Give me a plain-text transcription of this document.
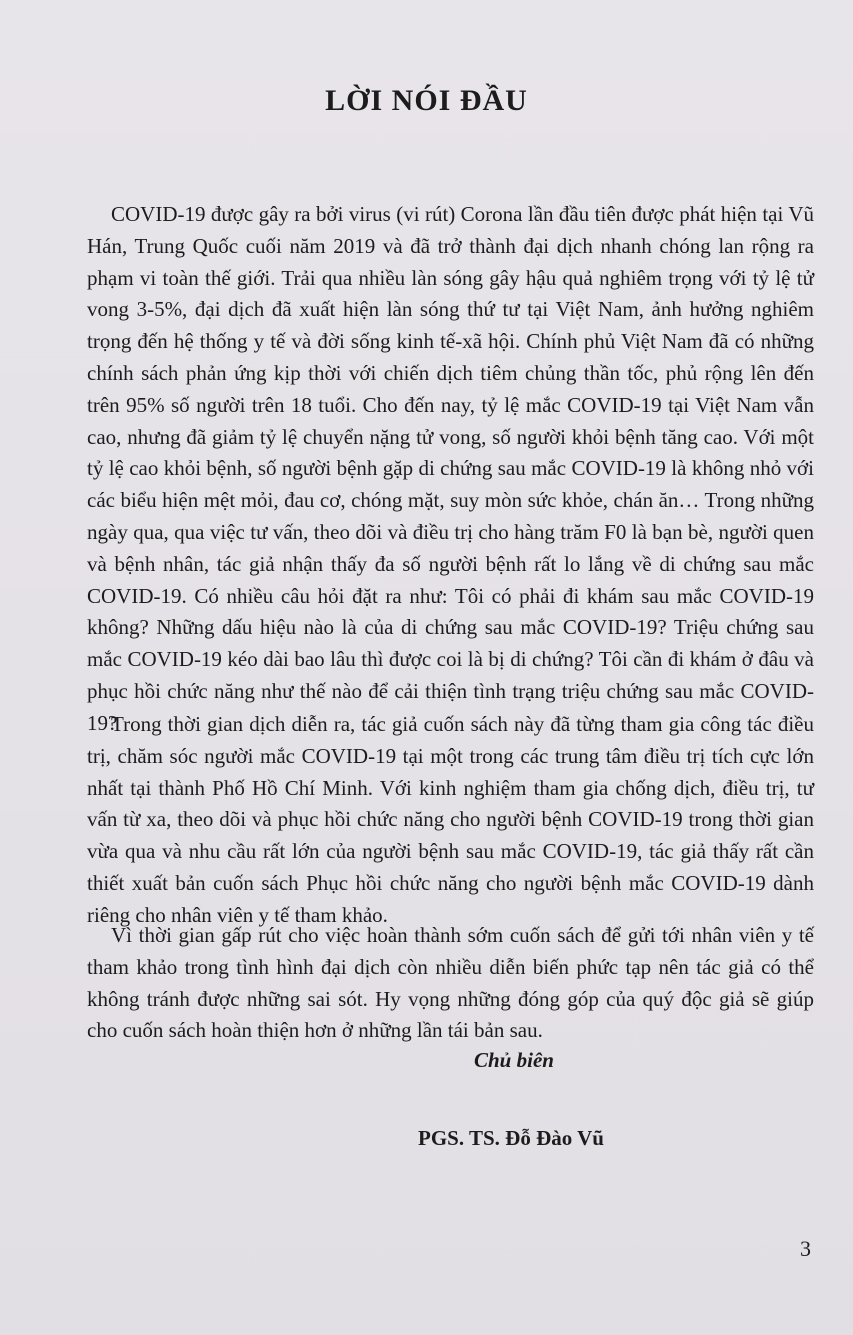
LỜI NÓI ĐẦU

COVID-19 được gây ra bởi virus (vi rút) Corona lần đầu tiên được phát hiện tại Vũ Hán, Trung Quốc cuối năm 2019 và đã trở thành đại dịch nhanh chóng lan rộng ra phạm vi toàn thế giới. Trải qua nhiều làn sóng gây hậu quả nghiêm trọng với tỷ lệ tử vong 3-5%, đại dịch đã xuất hiện làn sóng thứ tư tại Việt Nam, ảnh hưởng nghiêm trọng đến hệ thống y tế và đời sống kinh tế-xã hội. Chính phủ Việt Nam đã có những chính sách phản ứng kịp thời với chiến dịch tiêm chủng thần tốc, phủ rộng lên đến trên 95% số người trên 18 tuổi. Cho đến nay, tỷ lệ mắc COVID-19 tại Việt Nam vẫn cao, nhưng đã giảm tỷ lệ chuyển nặng tử vong, số người khỏi bệnh tăng cao. Với một tỷ lệ cao khỏi bệnh, số người bệnh gặp di chứng sau mắc COVID-19 là không nhỏ với các biểu hiện mệt mỏi, đau cơ, chóng mặt, suy mòn sức khỏe, chán ăn… Trong những ngày qua, qua việc tư vấn, theo dõi và điều trị cho hàng trăm F0 là bạn bè, người quen và bệnh nhân, tác giả nhận thấy đa số người bệnh rất lo lắng về di chứng sau mắc COVID-19. Có nhiều câu hỏi đặt ra như: Tôi có phải đi khám sau mắc COVID-19 không? Những dấu hiệu nào là của di chứng sau mắc COVID-19? Triệu chứng sau mắc COVID-19 kéo dài bao lâu thì được coi là bị di chứng? Tôi cần đi khám ở đâu và phục hồi chức năng như thế nào để cải thiện tình trạng triệu chứng sau mắc COVID-19?

Trong thời gian dịch diễn ra, tác giả cuốn sách này đã từng tham gia công tác điều trị, chăm sóc người mắc COVID-19 tại một trong các trung tâm điều trị tích cực lớn nhất tại thành Phố Hồ Chí Minh. Với kinh nghiệm tham gia chống dịch, điều trị, tư vấn từ xa, theo dõi và phục hồi chức năng cho người bệnh COVID-19 trong thời gian vừa qua và nhu cầu rất lớn của người bệnh sau mắc COVID-19, tác giả thấy rất cần thiết xuất bản cuốn sách Phục hồi chức năng cho người bệnh mắc COVID-19 dành riêng cho nhân viên y tế tham khảo.

Vì thời gian gấp rút cho việc hoàn thành sớm cuốn sách để gửi tới nhân viên y tế tham khảo trong tình hình đại dịch còn nhiều diễn biến phức tạp nên tác giả có thể không tránh được những sai sót. Hy vọng những đóng góp của quý độc giả sẽ giúp cho cuốn sách hoàn thiện hơn ở những lần tái bản sau.

Chủ biên
PGS. TS. Đỗ Đào Vũ
3
